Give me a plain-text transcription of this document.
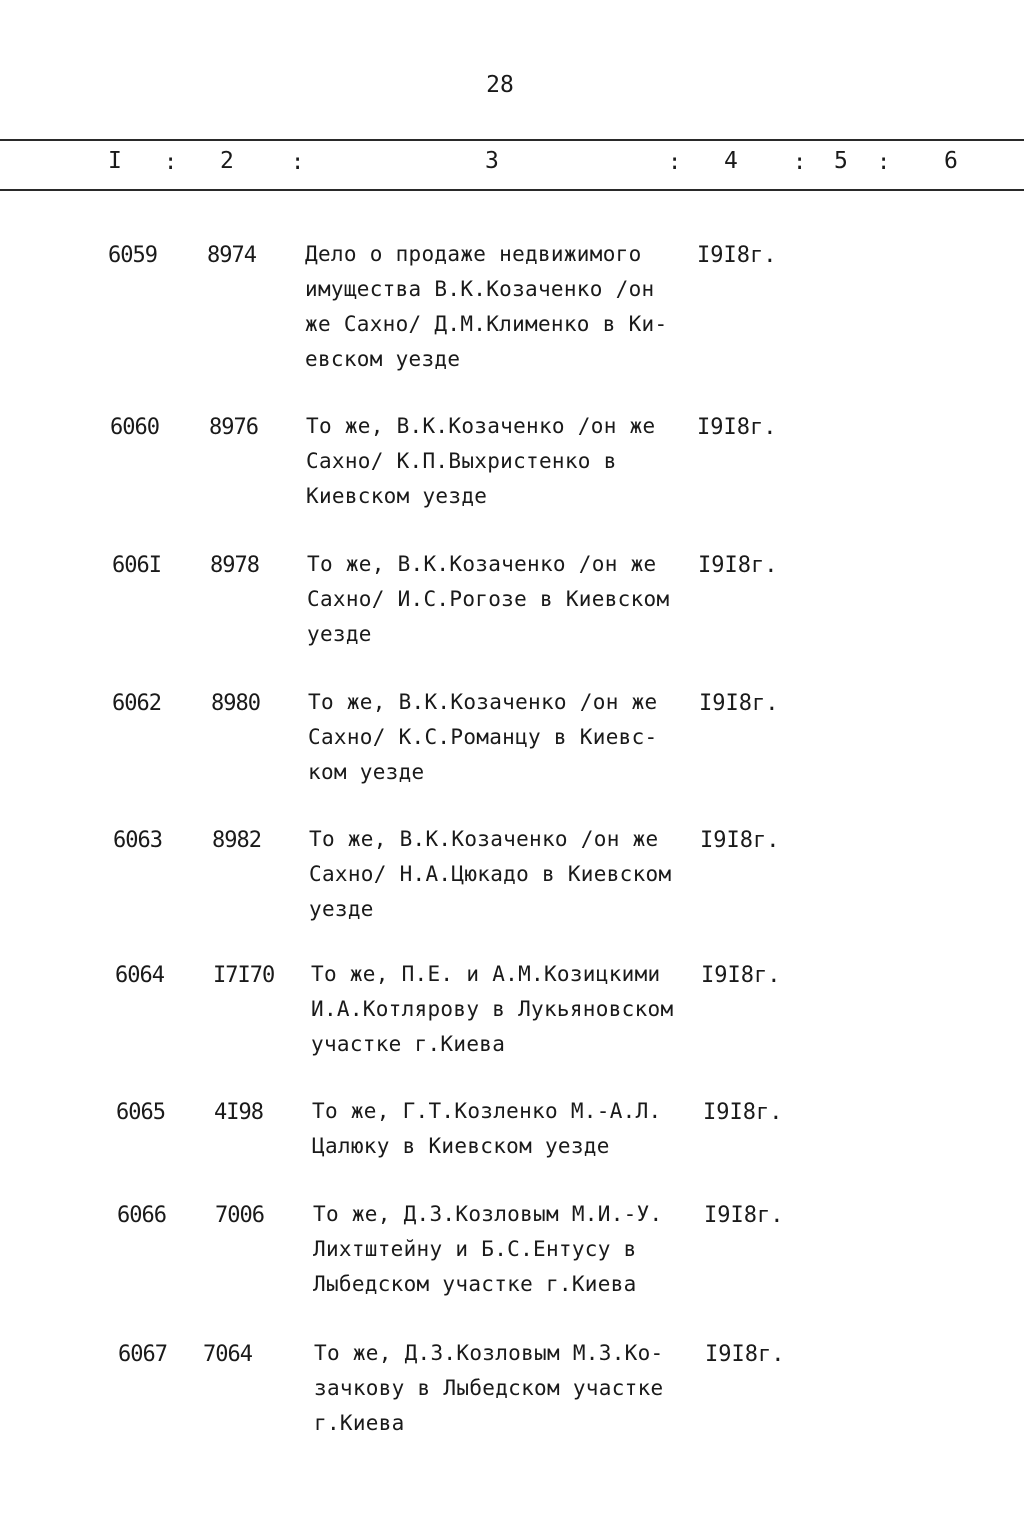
28
I : 2	:	3	: 4	: 5 : 6
6059 8974 Дело о продаже недвижимого
имущества В.К.Козаченко /он
же Сахно/ Д.М.Клименко в Ки-
евском уезде
I9I8г.
6060 8976 То же, В.К.Козаченко /он же
Сахно/ К.П.Выхристенко в
Киевском уезде
I9I8г.
606I 8978 То же, В.К.Козаченко /он же
Сахно/ И.С.Рогозе в Киевском
уезде
I9I8г.
6062 8980 То же, В.К.Козаченко /он же
Сахно/ К.С.Романцу в Киевс-
ком уезде
I9I8г.
6063 8982 То же, В.К.Козаченко /он же
Сахно/ Н.А.Цюкадо в Киевском
уезде
I9I8г.
6064 I7I70 То же, П.Е. и А.М.Козицкими
И.А.Котлярову в Лукьяновском
участке г.Киева
I9I8г.
6065 4I98 То же, Г.Т.Козленко М.-А.Л.
Цалюку в Киевском уезде
I9I8г.
6066 7006 То же, Д.З.Козловым М.И.-У.
Лихтштейну и Б.С.Ентусу в
Лыбедском участке г.Киева
I9I8г.
6067 7064	То же, Д.З.Козловым М.З.Ко-
зачкову в Лыбедском участке
г.Киева
I9I8г.
